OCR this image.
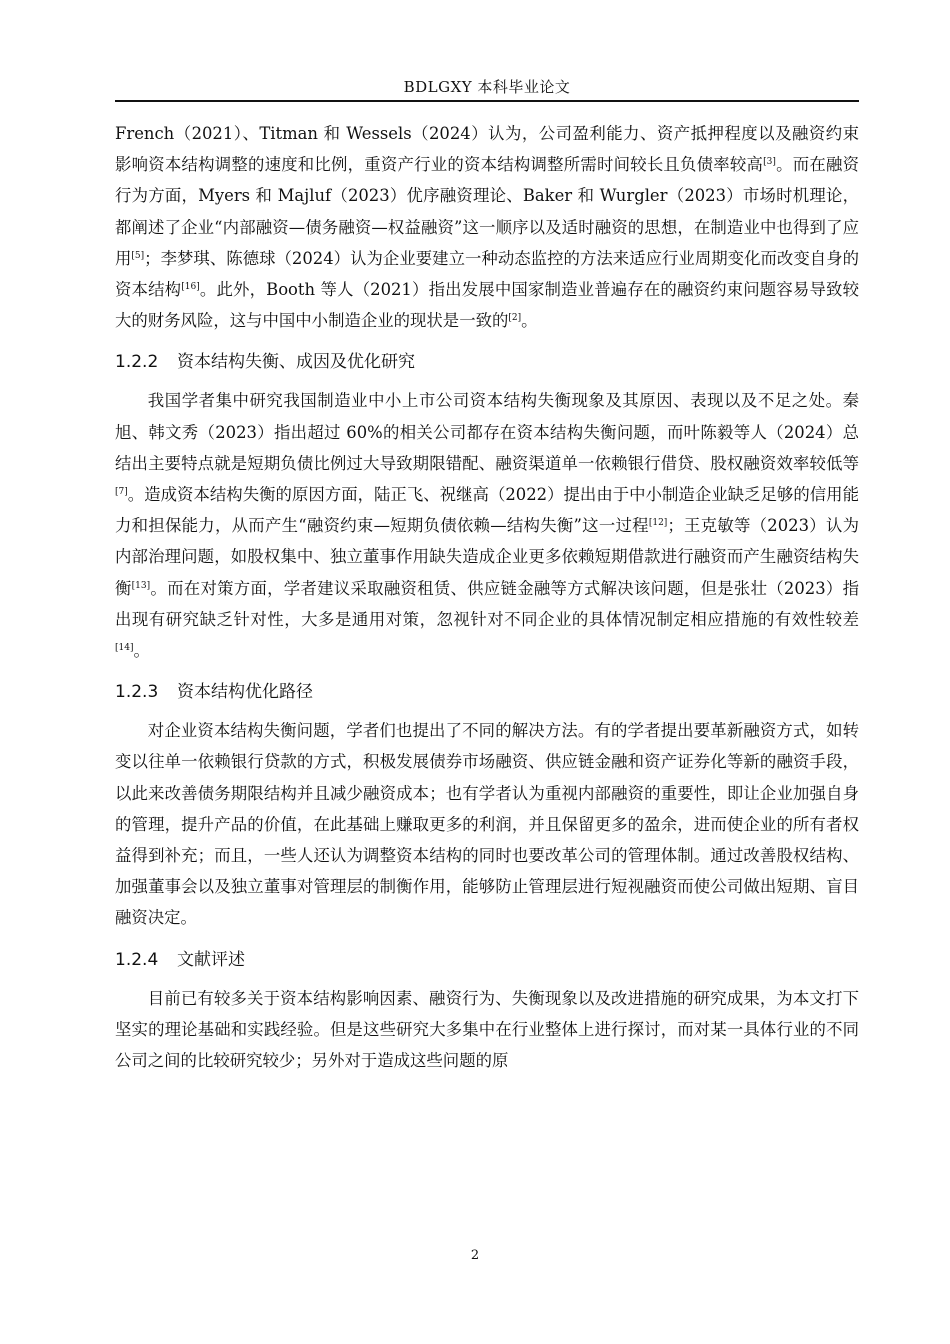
BDLGXY 本科毕业论文

French（2021）、Titman 和 Wessels（2024）认为，公司盈利能力、资产抵押程度以及融资约束影响资本结构调整的速度和比例，重资产行业的资本结构调整所需时间较长且负债率较高[3]。而在融资行为方面，Myers 和 Majluf（2023）优序融资理论、Baker 和 Wurgler（2023）市场时机理论，都阐述了企业“内部融资—债务融资—权益融资”这一顺序以及适时融资的思想，在制造业中也得到了应用[5]；李梦琪、陈德球（2024）认为企业要建立一种动态监控的方法来适应行业周期变化而改变自身的资本结构[16]。此外，Booth 等人（2021）指出发展中国家制造业普遍存在的融资约束问题容易导致较大的财务风险，这与中国中小制造企业的现状是一致的[2]。

1.2.2 资本结构失衡、成因及优化研究

我国学者集中研究我国制造业中小上市公司资本结构失衡现象及其原因、表现以及不足之处。秦旭、韩文秀（2023）指出超过 60%的相关公司都存在资本结构失衡问题，而叶陈毅等人（2024）总结出主要特点就是短期负债比例过大导致期限错配、融资渠道单一依赖银行借贷、股权融资效率较低等[7]。造成资本结构失衡的原因方面，陆正飞、祝继高（2022）提出由于中小制造企业缺乏足够的信用能力和担保能力，从而产生“融资约束—短期负债依赖—结构失衡”这一过程[12]；王克敏等（2023）认为内部治理问题，如股权集中、独立董事作用缺失造成企业更多依赖短期借款进行融资而产生融资结构失衡[13]。而在对策方面，学者建议采取融资租赁、供应链金融等方式解决该问题，但是张壮（2023）指出现有研究缺乏针对性，大多是通用对策，忽视针对不同企业的具体情况制定相应措施的有效性较差[14]。

1.2.3 资本结构优化路径

对企业资本结构失衡问题，学者们也提出了不同的解决方法。有的学者提出要革新融资方式，如转变以往单一依赖银行贷款的方式，积极发展债券市场融资、供应链金融和资产证券化等新的融资手段，以此来改善债务期限结构并且减少融资成本；也有学者认为重视内部融资的重要性，即让企业加强自身的管理，提升产品的价值，在此基础上赚取更多的利润，并且保留更多的盈余，进而使企业的所有者权益得到补充；而且，一些人还认为调整资本结构的同时也要改革公司的管理体制。通过改善股权结构、加强董事会以及独立董事对管理层的制衡作用，能够防止管理层进行短视融资而使公司做出短期、盲目融资决定。

1.2.4 文献评述

目前已有较多关于资本结构影响因素、融资行为、失衡现象以及改进措施的研究成果，为本文打下坚实的理论基础和实践经验。但是这些研究大多集中在行业整体上进行探讨，而对某一具体行业的不同公司之间的比较研究较少；另外对于造成这些问题的原

2
